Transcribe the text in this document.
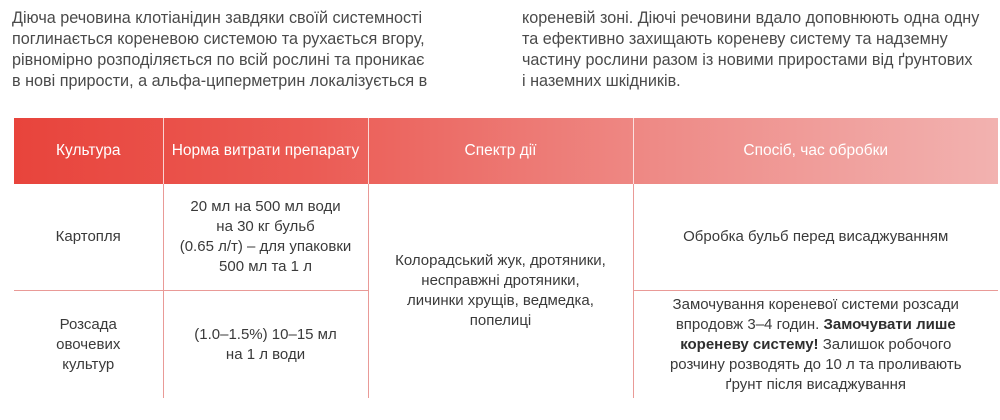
Діюча речовина клотіанідин завдяки своїй системності
поглинається кореневою системою та рухається вгору,
рівномірно розподіляється по всій рослині та проникає
в нові прирости, а альфа-циперметрин локалізується в
кореневій зоні. Діючі речовини вдало доповнюють одна одну
та ефективно захищають кореневу систему та надземну
частину рослини разом із новими приростами від ґрунтових
і наземних шкідників.
Культура	Норма витрати препарату	Спектр дії	Спосіб, час обробки
Картопля	20 мл на 500 мл води
на 30 кг бульб
(0.65 л/т) – для упаковки
500 мл та 1 л	Колорадський жук, дротяники,
несправжні дротяники,
личинки хрущів, ведмедка,
попелиці	Обробка бульб перед висаджуванням

Розсада
овочевих
культур	(1.0–1.5%) 10–15 мл
на 1 л води		Замочування кореневої системи розсади
впродовж 3–4 годин. Замочувати лише
кореневу систему! Залишок робочого
розчину розводять до 10 л та проливають
ґрунт після висаджування
